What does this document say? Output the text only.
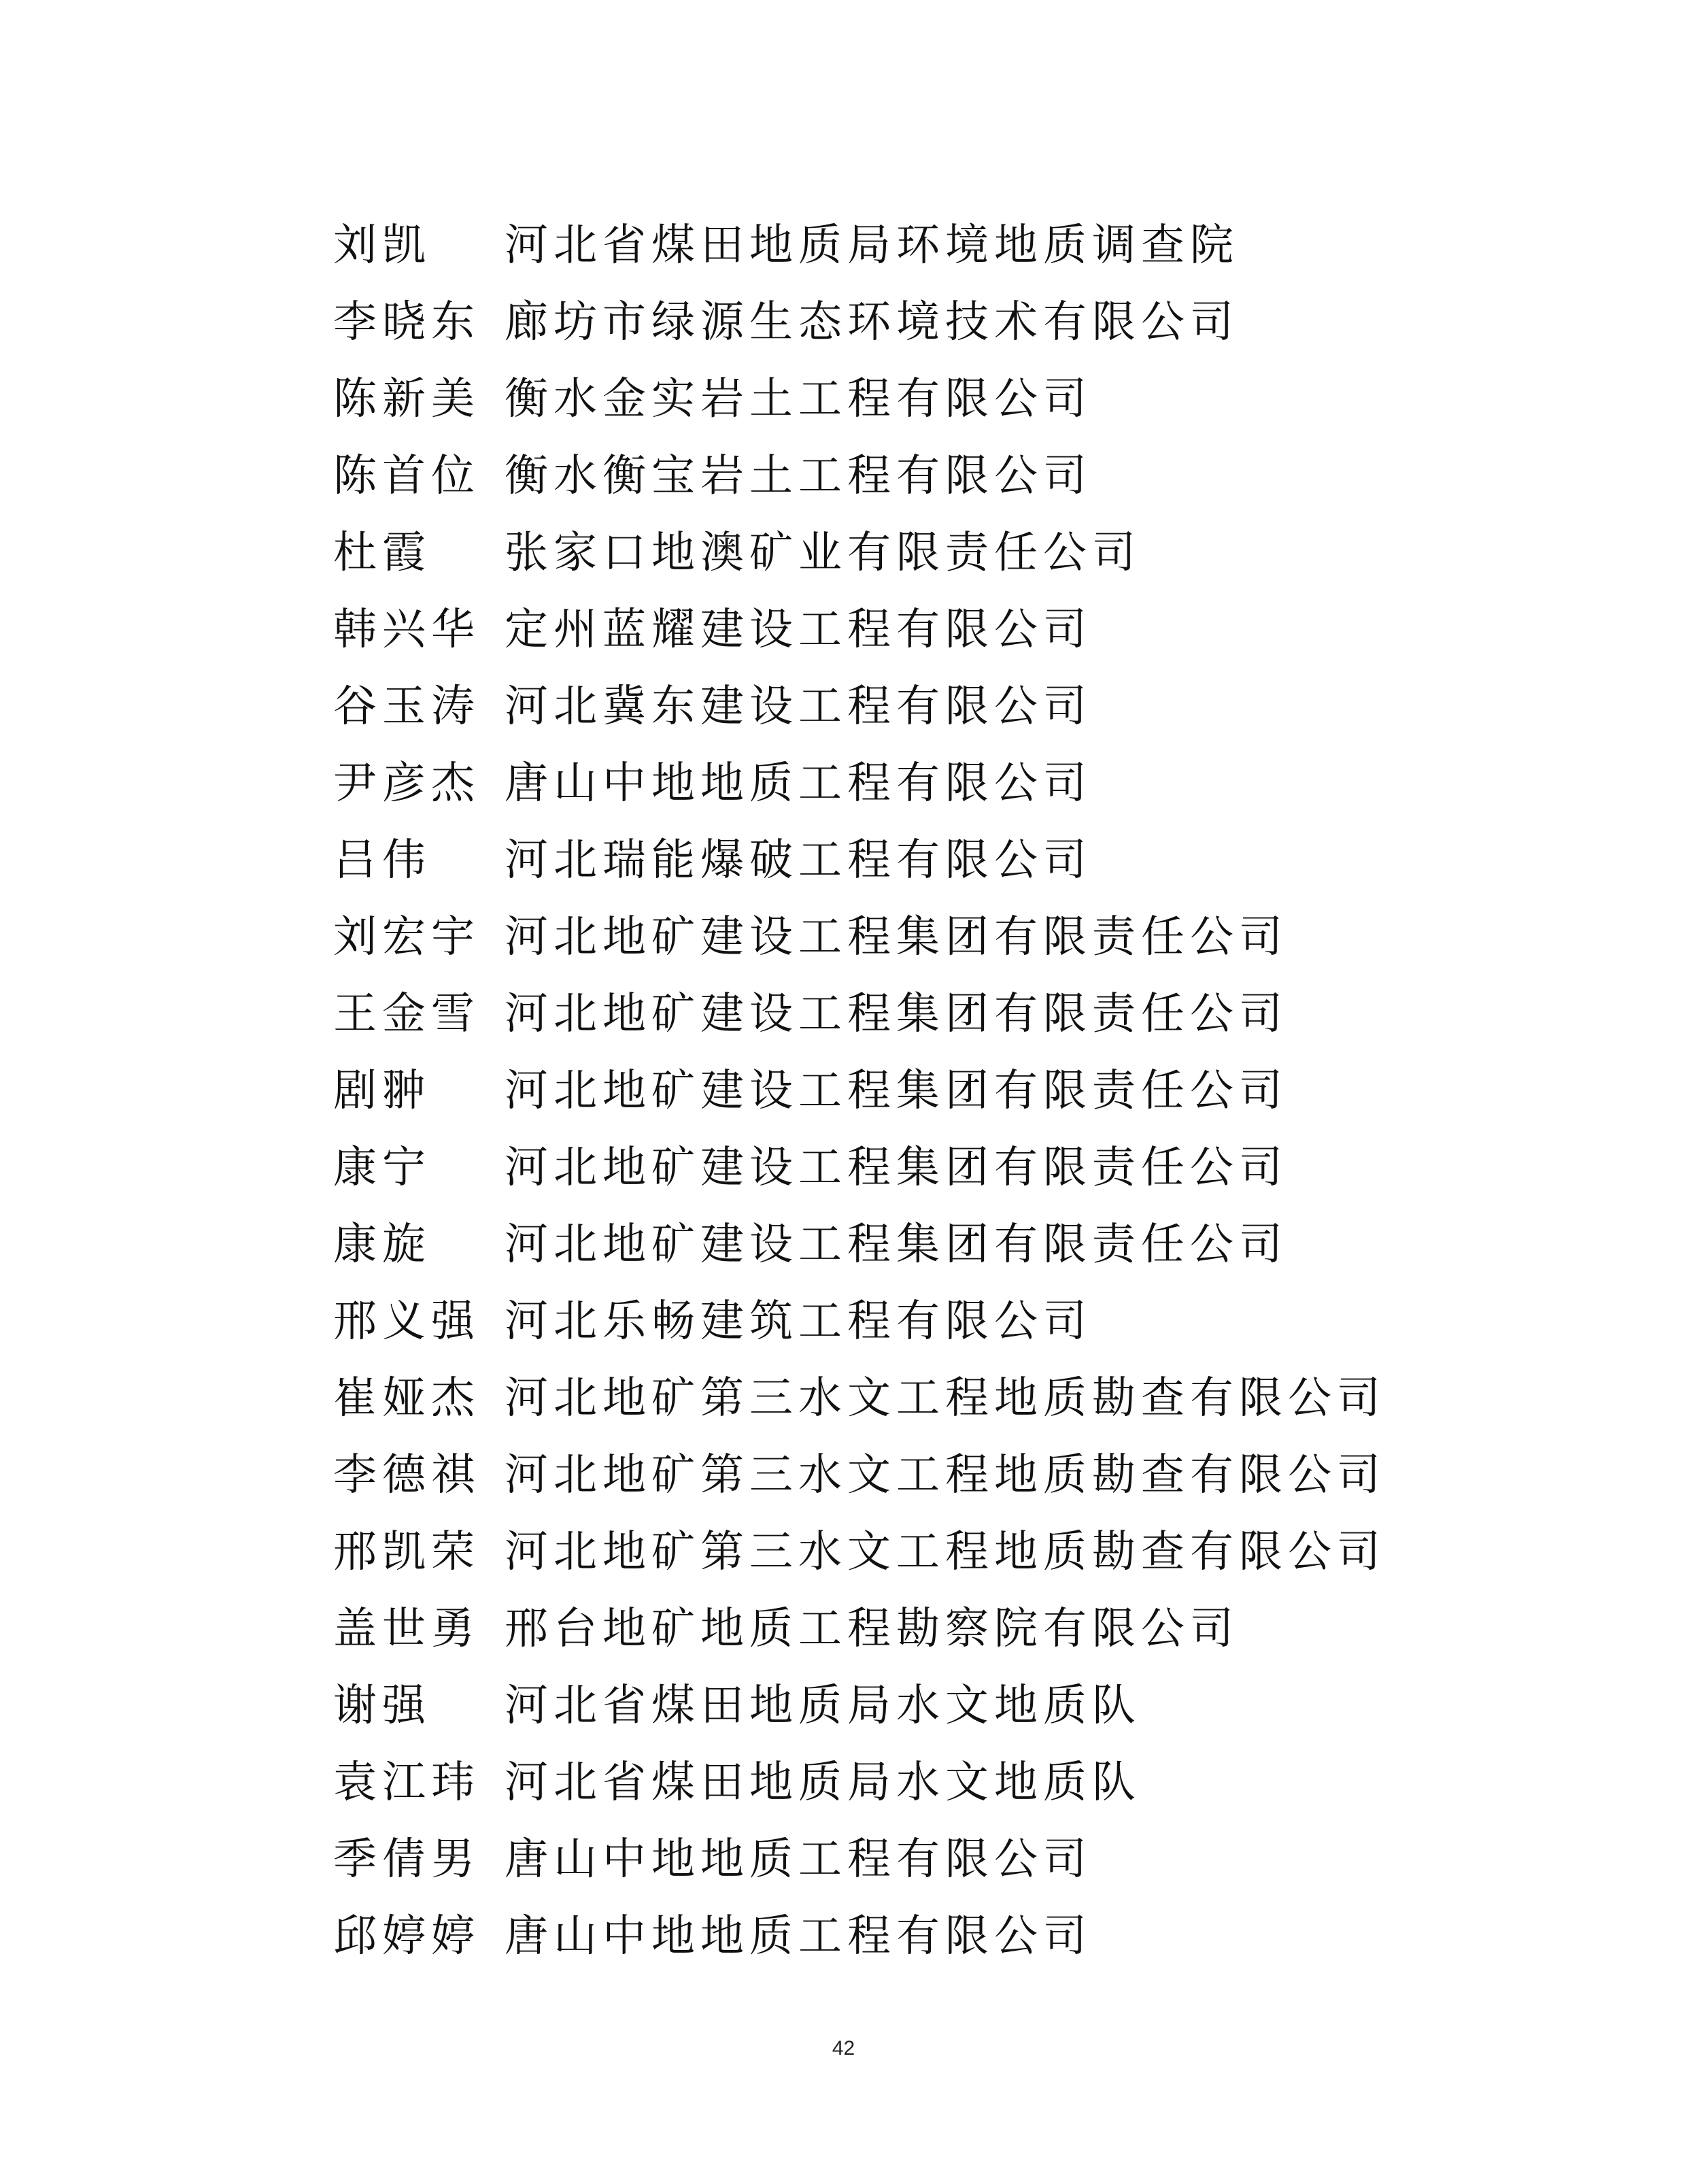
刘凯	河北省煤田地质局环境地质调查院
李晓东 廊坊市绿源生态环境技术有限公司
陈新美 衡水金实岩土工程有限公司
陈首位 衡水衡宝岩土工程有限公司
杜霞	张家口地澳矿业有限责任公司
韩兴华 定州蓝耀建设工程有限公司
谷玉涛 河北冀东建设工程有限公司
尹彦杰 唐山中地地质工程有限公司
吕伟	河北瑞能爆破工程有限公司
刘宏宇 河北地矿建设工程集团有限责任公司
王金雪 河北地矿建设工程集团有限责任公司
剧翀	河北地矿建设工程集团有限责任公司
康宁	河北地矿建设工程集团有限责任公司
康旋	河北地矿建设工程集团有限责任公司
邢义强 河北乐畅建筑工程有限公司
崔娅杰 河北地矿第三水文工程地质勘查有限公司
李德祺 河北地矿第三水文工程地质勘查有限公司
邢凯荣 河北地矿第三水文工程地质勘查有限公司
盖世勇 邢台地矿地质工程勘察院有限公司
谢强	河北省煤田地质局水文地质队
袁江玮 河北省煤田地质局水文地质队
季倩男 唐山中地地质工程有限公司
邱婷婷 唐山中地地质工程有限公司
42
